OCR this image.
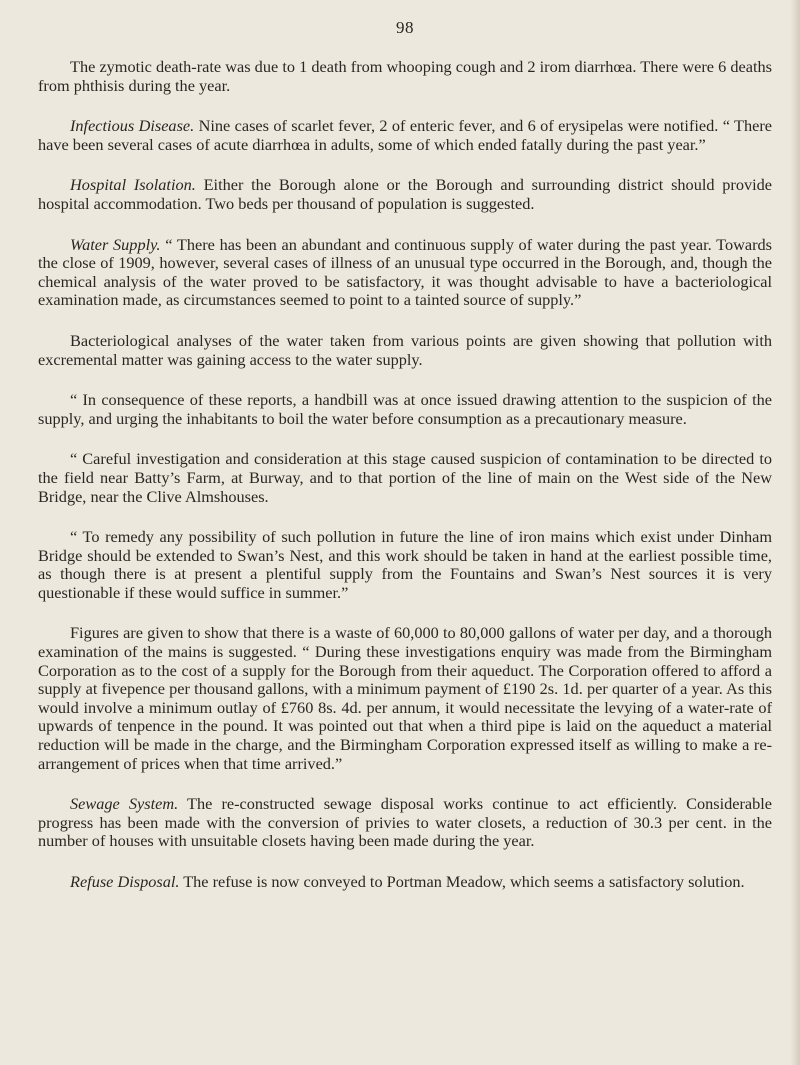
98

The zymotic death-rate was due to 1 death from whooping cough and 2 irom diarrhœa. There were 6 deaths from phthisis during the year.

Infectious Disease. Nine cases of scarlet fever, 2 of enteric fever, and 6 of erysipelas were notified. “ There have been several cases of acute diarrhœa in adults, some of which ended fatally during the past year.”

Hospital Isolation. Either the Borough alone or the Borough and surrounding district should provide hospital accommodation. Two beds per thousand of population is suggested.

Water Supply. “ There has been an abundant and continuous supply of water during the past year. Towards the close of 1909, however, several cases of illness of an unusual type occurred in the Borough, and, though the chemical analysis of the water proved to be satisfactory, it was thought advisable to have a bacteriological examination made, as circumstances seemed to point to a tainted source of supply.”

Bacteriological analyses of the water taken from various points are given showing that pollution with excremental matter was gaining access to the water supply.

“ In consequence of these reports, a handbill was at once issued drawing attention to the suspicion of the supply, and urging the inhabitants to boil the water before consumption as a precautionary measure.

“ Careful investigation and consideration at this stage caused suspicion of contamination to be directed to the field near Batty’s Farm, at Burway, and to that portion of the line of main on the West side of the New Bridge, near the Clive Almshouses.

“ To remedy any possibility of such pollution in future the line of iron mains which exist under Dinham Bridge should be extended to Swan’s Nest, and this work should be taken in hand at the earliest possible time, as though there is at present a plentiful supply from the Fountains and Swan’s Nest sources it is very questionable if these would suffice in summer.”

Figures are given to show that there is a waste of 60,000 to 80,000 gallons of water per day, and a thorough examination of the mains is suggested. “ During these investigations enquiry was made from the Birmingham Corporation as to the cost of a supply for the Borough from their aqueduct. The Corporation offered to afford a supply at fivepence per thousand gallons, with a minimum payment of £190 2s. 1d. per quarter of a year. As this would involve a minimum outlay of £760 8s. 4d. per annum, it would necessitate the levying of a water-rate of upwards of tenpence in the pound. It was pointed out that when a third pipe is laid on the aqueduct a material reduction will be made in the charge, and the Birmingham Corporation expressed itself as willing to make a re-arrangement of prices when that time arrived.”

Sewage System. The re-constructed sewage disposal works continue to act efficiently. Considerable progress has been made with the conversion of privies to water closets, a reduction of 30.3 per cent. in the number of houses with unsuitable closets having been made during the year.

Refuse Disposal. The refuse is now conveyed to Portman Meadow, which seems a satisfactory solution.
